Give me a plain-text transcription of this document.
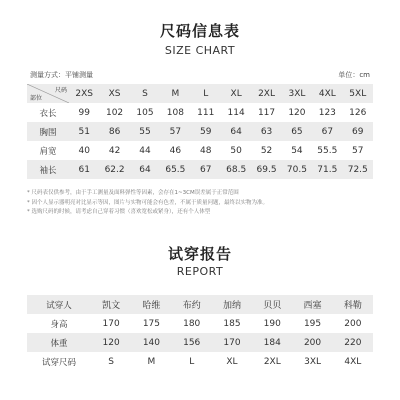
尺码信息表
SIZE CHART
测量方式：平铺测量	单位：cm
尺码
部位	2XS	XS	S	M	L	XL	2XL	3XL	4XL	5XL
衣长	99	102	105	108	111	114	117	120	123	126
胸围	51	86	55	57	59	64	63	65	67	69
肩宽	40	42	44	46	48	50	52	54	55.5	57
袖长	61	62.2	64	65.5	67	68.5	69.5	70.5	71.5	72.5
* 尺码表仅供参考，由于手工测量及面料弹性等因素，会存在1~3CM误差属于正常范围
* 因个人显示器明亮对比显示等因，图片与实物可能会有色差，不属于质量问题，最终以实物为准。
* 选购尺码的时候，请考虑自己穿着习惯（喜欢宽松或紧身），还有个人体型
试穿报告
REPORT
试穿人	凯文	哈维	布约	加纳	贝贝	西塞	科勒
身高	170	175	180	185	190	195	200
体重	120	140	156	170	184	200	220
试穿尺码	S	M	L	XL	2XL	3XL	4XL
